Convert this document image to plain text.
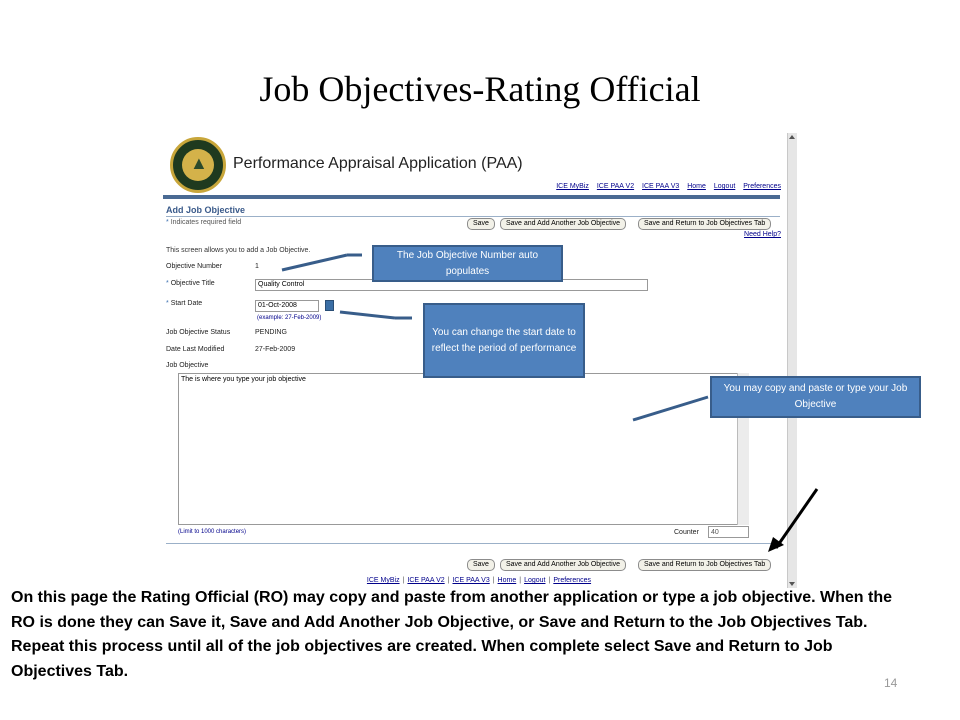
Job Objectives-Rating Official
▲ Performance Appraisal Application (PAA)
ICE MyBiz ICE PAA V2 ICE PAA V3 Home Logout Preferences
Add Job Objective
* Indicates required field	Save	Save and Add Another Job Objective	Save and Return to Job Objectives Tab
Need Help?
This screen allows you to add a Job Objective.
Objective Number	1
* Objective Title	Quality Control
* Start Date	01-Oct-2008
(example: 27-Feb-2009)
Job Objective Status	PENDING
Date Last Modified	27-Feb-2009
Job Objective
The is where you type your job objective
(Limit to 1000 characters)	Counter	40
Save	Save and Add Another Job Objective	Save and Return to Job Objectives Tab
ICE MyBiz | ICE PAA V2 | ICE PAA V3 | Home | Logout | Preferences
The Job Objective Number auto populates
You can change the start date to reflect the period of performance
You may copy and paste or type your Job Objective
On this page the Rating Official (RO) may copy and paste from another application or type a job objective. When the RO is done they can Save it, Save and Add Another Job Objective, or Save and Return to the Job Objectives Tab. Repeat this process until all of the job objectives are created. When complete select Save and Return to Job Objectives Tab.
14
